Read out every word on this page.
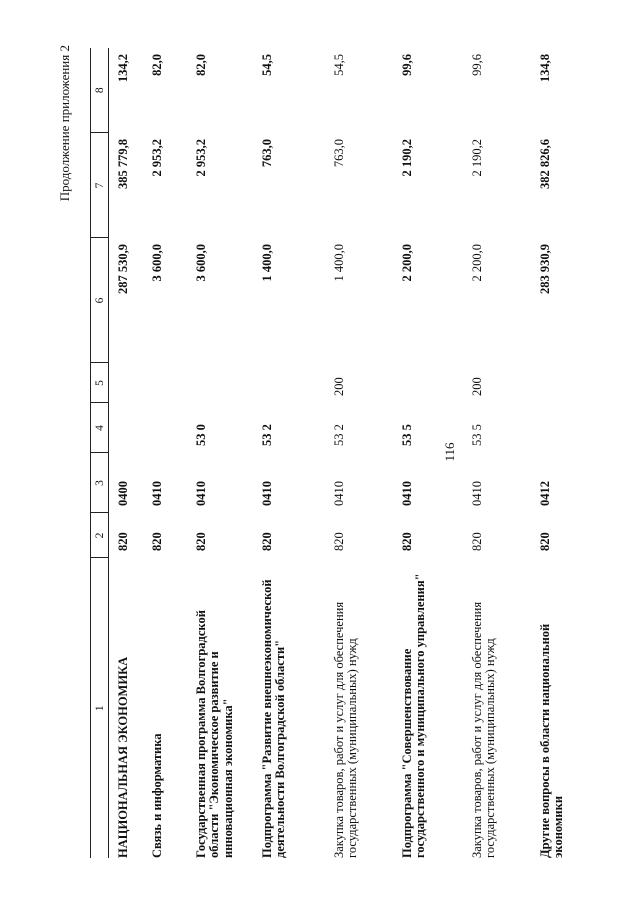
116
Продолжение приложения 2
1	2	3	4	5	6	7	8
НАЦИОНАЛЬНАЯ ЭКОНОМИКА	820	0400			287 530,9	385 779,8	134,2
Связь и информатика	820	0410			3 600,0	2 953,2	82,0
Государственная программа Волгоградской области "Экономическое развитие и инновационная экономика"	820	0410	53 0		3 600,0	2 953,2	82,0
Подпрограмма "Развитие внешнеэкономической деятельности Волгоградской области"	820	0410	53 2		1 400,0	763,0	54,5
Закупка товаров, работ и услуг для обеспечения государственных (муниципальных) нужд	820	0410	53 2	200	1 400,0	763,0	54,5
Подпрограмма "Совершенствование государственного и муниципального управления"	820	0410	53 5		2 200,0	2 190,2	99,6
Закупка товаров, работ и услуг для обеспечения государственных (муниципальных) нужд	820	0410	53 5	200	2 200,0	2 190,2	99,6
Другие вопросы в области национальной экономики	820	0412			283 930,9	382 826,6	134,8
